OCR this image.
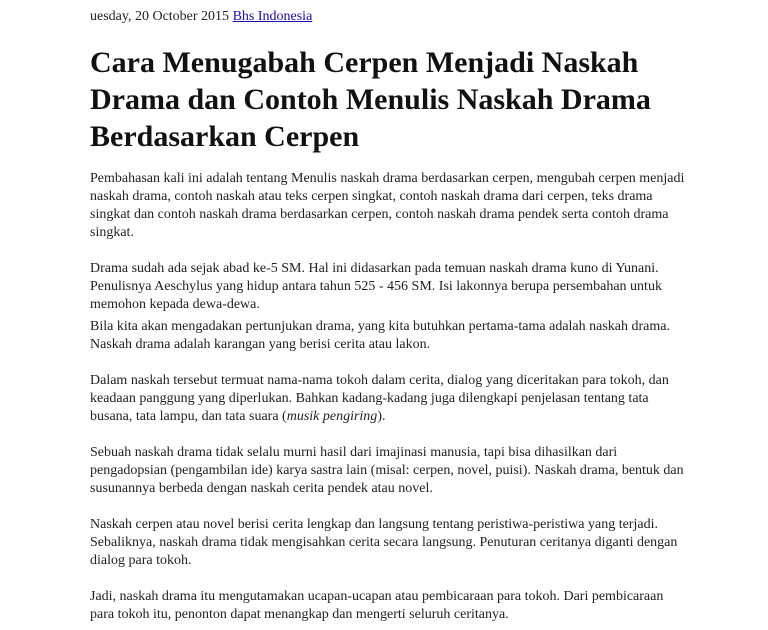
uesday, 20 October 2015 Bhs Indonesia
Cara Menugabah Cerpen Menjadi Naskah Drama dan Contoh Menulis Naskah Drama Berdasarkan Cerpen

Pembahasan kali ini adalah tentang Menulis naskah drama berdasarkan cerpen, mengubah cerpen menjadi naskah drama, contoh naskah atau teks cerpen singkat, contoh naskah drama dari cerpen, teks drama singkat dan contoh naskah drama berdasarkan cerpen, contoh naskah drama pendek serta contoh drama singkat.

Drama sudah ada sejak abad ke-5 SM. Hal ini didasarkan pada temuan naskah drama kuno di Yunani. Penulisnya Aeschylus yang hidup antara tahun 525 - 456 SM. Isi lakonnya berupa persembahan untuk memohon kepada dewa-dewa.

Bila kita akan mengadakan pertunjukan drama, yang kita butuhkan pertama-tama adalah naskah drama. Naskah drama adalah karangan yang berisi cerita atau lakon.

Dalam naskah tersebut termuat nama-nama tokoh dalam cerita, dialog yang diceritakan para tokoh, dan keadaan panggung yang diperlukan. Bahkan kadang-kadang juga dilengkapi penjelasan tentang tata busana, tata lampu, dan tata suara (musik pengiring).

Sebuah naskah drama tidak selalu murni hasil dari imajinasi manusia, tapi bisa dihasilkan dari pengadopsian (pengambilan ide) karya sastra lain (misal: cerpen, novel, puisi). Naskah drama, bentuk dan susunannya berbeda dengan naskah cerita pendek atau novel.

Naskah cerpen atau novel berisi cerita lengkap dan langsung tentang peristiwa-peristiwa yang terjadi. Sebaliknya, naskah drama tidak mengisahkan cerita secara langsung. Penuturan ceritanya diganti dengan dialog para tokoh.

Jadi, naskah drama itu mengutamakan ucapan-ucapan atau pembicaraan para tokoh. Dari pembicaraan para tokoh itu, penonton dapat menangkap dan mengerti seluruh ceritanya.
